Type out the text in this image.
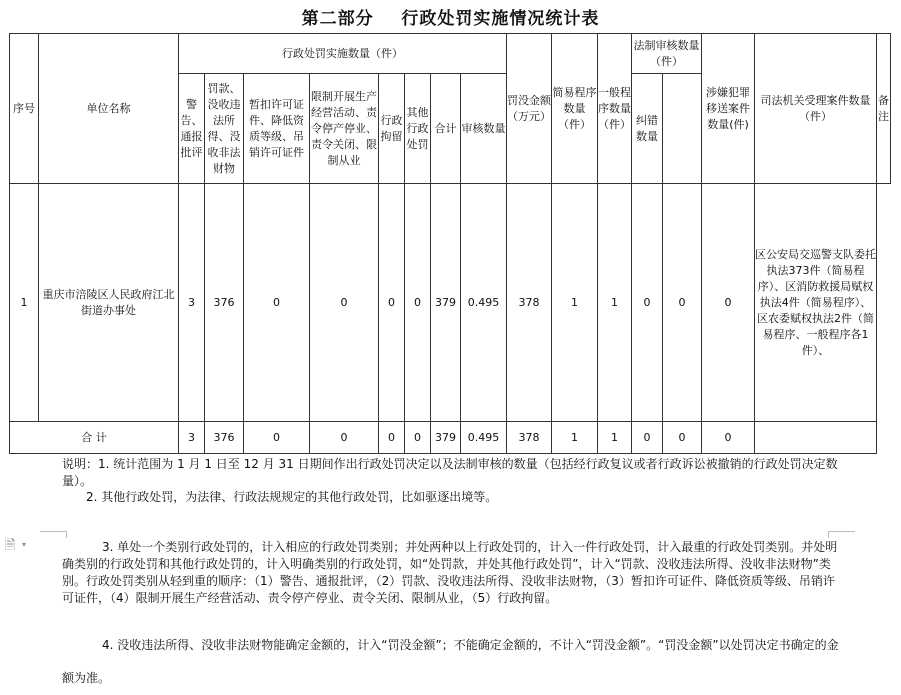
第二部分    行政处罚实施情况统计表
序号	单位名称	行政处罚实施数量（件）								罚没金额（万元）	简易程序数量（件）	一般程序数量（件）	法制审核数量（件）		涉嫌犯罪移送案件数量(件)	司法机关受理案件数量（件）	备注
		警告、通报批评	罚款、没收违法所得、没收非法财物	暂扣许可证件、降低资质等级、吊销许可证件	限制开展生产经营活动、责令停产停业、责令关闭、限制从业	行政拘留	其他行政处罚	合计	审核数量				纠错数量				
1	重庆市涪陵区人民政府江北街道办事处	3	376	0	0	0	0	379	0.495	378	1	1	0	0	0	区公安局交巡警支队委托执法373件（简易程序）、区消防救援局赋权执法4件（简易程序）、区农委赋权执法2件（简易程序、一般程序各1件）、	
合 计		3	376	0	0	0	0	379	0.495	378	1	1	0	0	0		
🗎 ▾
说明：1. 统计范围为 1 月 1 日至 12 月 31 日期间作出行政处罚决定以及法制审核的数量（包括经行政复议或者行政诉讼被撤销的行政处罚决定数量）。
2. 其他行政处罚，为法律、行政法规规定的其他行政处罚，比如驱逐出境等。
3. 单处一个类别行政处罚的，计入相应的行政处罚类别；并处两种以上行政处罚的，计入一件行政处罚，计入最重的行政处罚类别。并处明确类别的行政处罚和其他行政处罚的，计入明确类别的行政处罚，如“处罚款，并处其他行政处罚”，计入“罚款、没收违法所得、没收非法财物”类别。行政处罚类别从轻到重的顺序：（1）警告、通报批评，（2）罚款、没收违法所得、没收非法财物，（3）暂扣许可证件、降低资质等级、吊销许可证件，（4）限制开展生产经营活动、责令停产停业、责令关闭、限制从业，（5）行政拘留。
4. 没收违法所得、没收非法财物能确定金额的，计入“罚没金额”；不能确定金额的，不计入“罚没金额”。“罚没金额”以处罚决定书确定的金额为准。
